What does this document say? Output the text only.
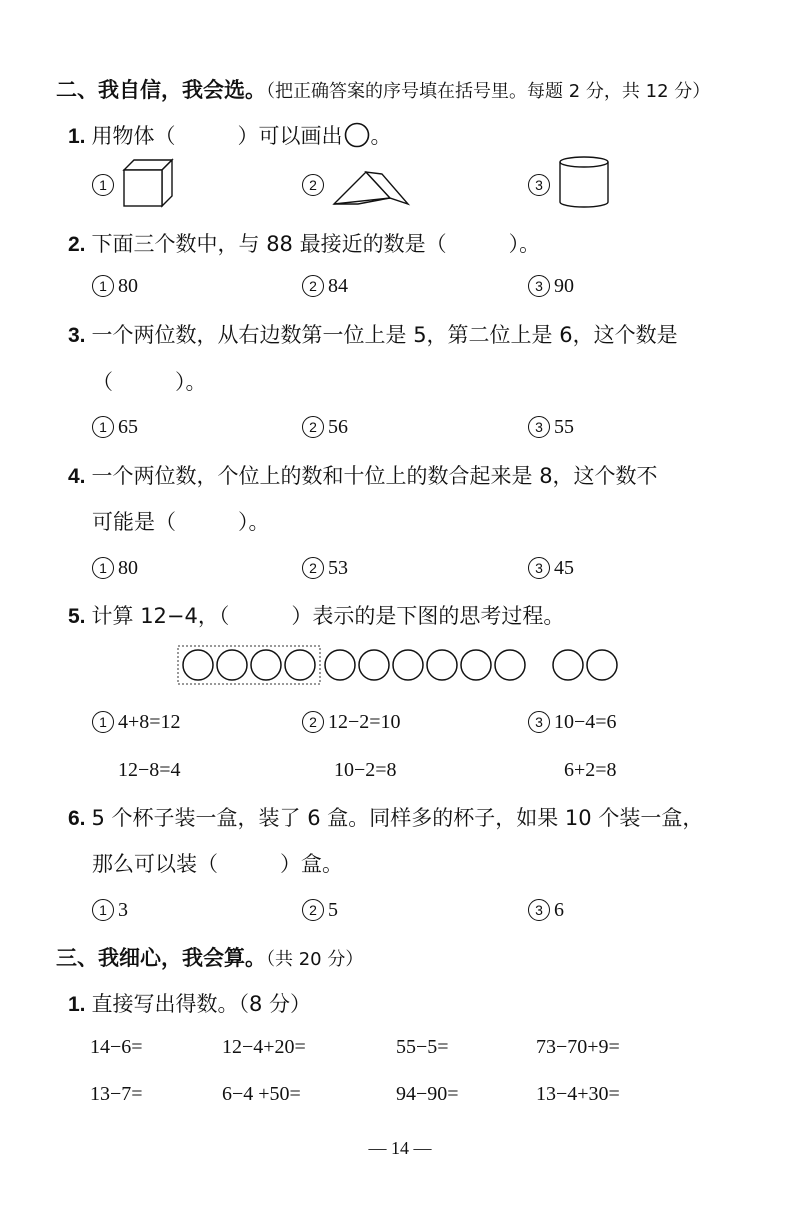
二、我自信，我会选。（把正确答案的序号填在括号里。每题 2 分，共 12 分）
1. 用物体（	）可以画出 。
1	2	3
2. 下面三个数中，与 88 最接近的数是（	）。
1 80	2 84	3 90
3. 一个两位数，从右边数第一位上是 5，第二位上是 6，这个数是
（	）。
1 65	2 56	3 55
4. 一个两位数，个位上的数和十位上的数合起来是 8，这个数不
可能是（	）。
1 80	2 53	3 45
5. 计算 12−4，（	）表示的是下图的思考过程。
1 4+8=12	2 12−2=10	3 10−4=6
12−8=4	10−2=8	6+2=8
6. 5 个杯子装一盒，装了 6 盒。同样多的杯子，如果 10 个装一盒，
那么可以装（	）盒。
1 3	2 5	3 6
三、我细心，我会算。（共 20 分）
1. 直接写出得数。（8 分）
14−6=	12−4+20=	55−5=	73−70+9=
13−7=	6−4 +50=	94−90=	13−4+30=
— 14 —
